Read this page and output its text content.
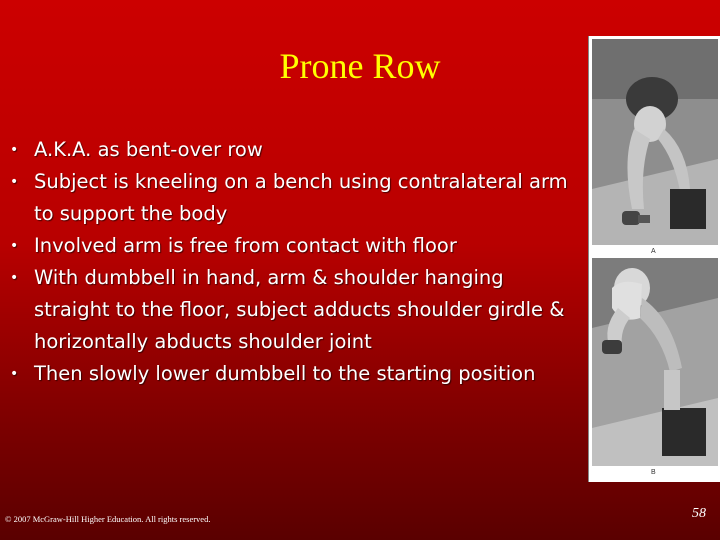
Prone Row
• A.K.A. as bent-over row
• Subject is kneeling on a bench using contralateral arm to support the body
• Involved arm is free from contact with floor
• With dumbbell in hand, arm & shoulder hanging straight to the floor, subject adducts shoulder girdle & horizontally abducts shoulder joint
• Then slowly lower dumbbell to the starting position
A
B
© 2007 McGraw-Hill Higher Education. All rights reserved.	58
